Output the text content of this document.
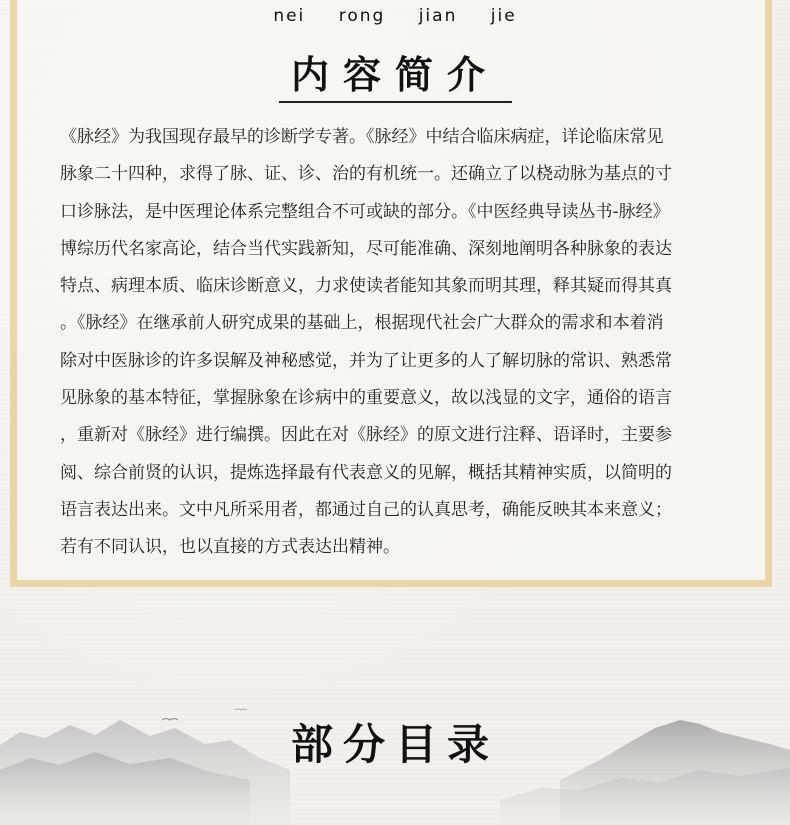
nei rong jian jie
内容简介

《脉经》为我国现存最早的诊断学专著。《脉经》中结合临床病症，详论临床常见

脉象二十四种，求得了脉、证、诊、治的有机统一。还确立了以桡动脉为基点的寸

口诊脉法，是中医理论体系完整组合不可或缺的部分。《中医经典导读丛书-脉经》

博综历代名家高论，结合当代实践新知，尽可能准确、深刻地阐明各种脉象的表达

特点、病理本质、临床诊断意义，力求使读者能知其象而明其理，释其疑而得其真

。《脉经》在继承前人研究成果的基础上，根据现代社会广大群众的需求和本着消

除对中医脉诊的许多误解及神秘感觉，并为了让更多的人了解切脉的常识、熟悉常

见脉象的基本特征，掌握脉象在诊病中的重要意义，故以浅显的文字，通俗的语言

，重新对《脉经》进行编撰。因此在对《脉经》的原文进行注释、语译时，主要参

阅、综合前贤的认识，提炼选择最有代表意义的见解，概括其精神实质，以简明的

语言表达出来。文中凡所采用者，都通过自己的认真思考，确能反映其本来意义；

若有不同认识，也以直接的方式表达出精神。

部分目录
